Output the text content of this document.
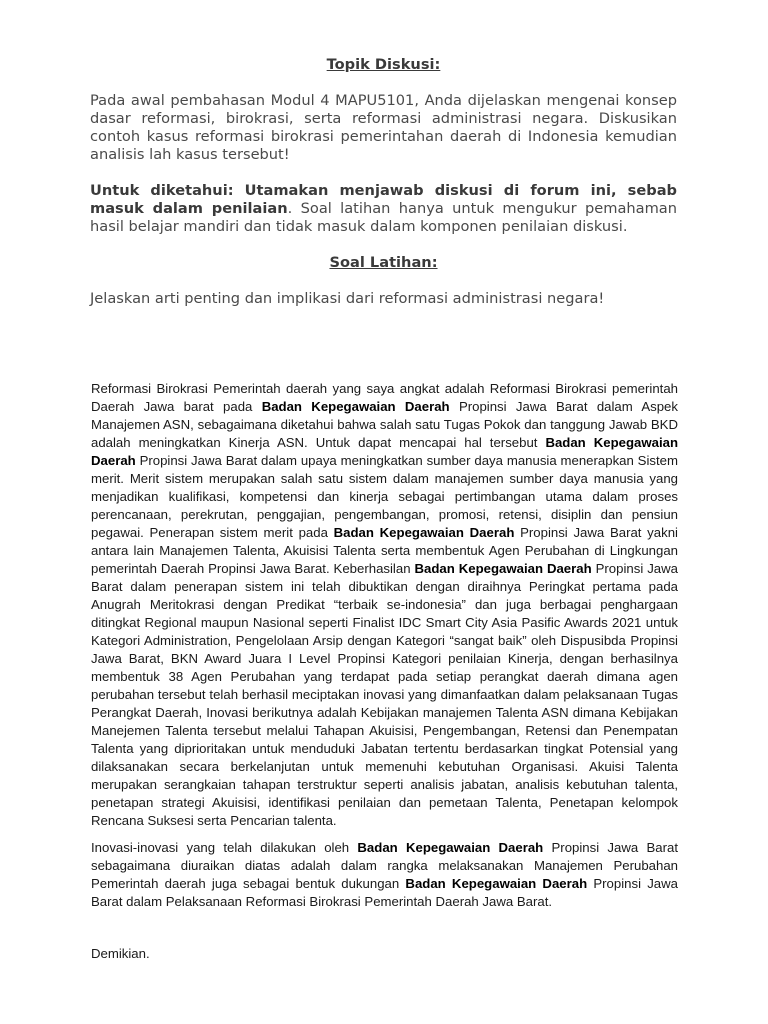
Topik Diskusi:
Pada awal pembahasan Modul 4 MAPU5101, Anda dijelaskan mengenai konsep dasar reformasi, birokrasi, serta reformasi administrasi negara. Diskusikan contoh kasus reformasi birokrasi pemerintahan daerah di Indonesia kemudian analisis lah kasus tersebut!
Untuk diketahui: Utamakan menjawab diskusi di forum ini, sebab masuk dalam penilaian. Soal latihan hanya untuk mengukur pemahaman hasil belajar mandiri dan tidak masuk dalam komponen penilaian diskusi.
Soal Latihan:
Jelaskan arti penting dan implikasi dari reformasi administrasi negara!
Reformasi Birokrasi Pemerintah daerah yang saya angkat adalah Reformasi Birokrasi pemerintah Daerah Jawa barat pada Badan Kepegawaian Daerah Propinsi Jawa Barat dalam Aspek Manajemen ASN, sebagaimana diketahui bahwa salah satu Tugas Pokok dan tanggung Jawab BKD adalah meningkatkan Kinerja ASN. Untuk dapat mencapai hal tersebut Badan Kepegawaian Daerah Propinsi Jawa Barat dalam upaya meningkatkan sumber daya manusia menerapkan Sistem merit. Merit sistem merupakan salah satu sistem dalam manajemen sumber daya manusia yang menjadikan kualifikasi, kompetensi dan kinerja sebagai pertimbangan utama dalam proses perencanaan, perekrutan, penggajian, pengembangan, promosi, retensi, disiplin dan pensiun pegawai. Penerapan sistem merit pada Badan Kepegawaian Daerah Propinsi Jawa Barat yakni antara lain Manajemen Talenta, Akuisisi Talenta serta membentuk Agen Perubahan di Lingkungan pemerintah Daerah Propinsi Jawa Barat. Keberhasilan Badan Kepegawaian Daerah Propinsi Jawa Barat dalam penerapan sistem ini telah dibuktikan dengan diraihnya Peringkat pertama pada Anugrah Meritokrasi dengan Predikat “terbaik se-indonesia” dan juga berbagai penghargaan ditingkat Regional maupun Nasional seperti Finalist IDC Smart City Asia Pasific Awards 2021 untuk Kategori Administration, Pengelolaan Arsip dengan Kategori “sangat baik” oleh Dispusibda Propinsi Jawa Barat, BKN Award Juara I Level Propinsi Kategori penilaian Kinerja, dengan berhasilnya membentuk 38 Agen Perubahan yang terdapat pada setiap perangkat daerah dimana agen perubahan tersebut telah berhasil meciptakan inovasi yang dimanfaatkan dalam pelaksanaan Tugas Perangkat Daerah, Inovasi berikutnya adalah Kebijakan manajemen Talenta ASN dimana Kebijakan Manejemen Talenta tersebut melalui Tahapan Akuisisi, Pengembangan, Retensi dan Penempatan Talenta yang diprioritakan untuk menduduki Jabatan tertentu berdasarkan tingkat Potensial yang dilaksanakan secara berkelanjutan untuk memenuhi kebutuhan Organisasi. Akuisi Talenta merupakan serangkaian tahapan terstruktur seperti analisis jabatan, analisis kebutuhan talenta, penetapan strategi Akuisisi, identifikasi penilaian dan pemetaan Talenta, Penetapan kelompok Rencana Suksesi serta Pencarian talenta.
Inovasi-inovasi yang telah dilakukan oleh Badan Kepegawaian Daerah Propinsi Jawa Barat sebagaimana diuraikan diatas adalah dalam rangka melaksanakan Manajemen Perubahan Pemerintah daerah juga sebagai bentuk dukungan Badan Kepegawaian Daerah Propinsi Jawa Barat dalam Pelaksanaan Reformasi Birokrasi Pemerintah Daerah Jawa Barat.
Demikian.
